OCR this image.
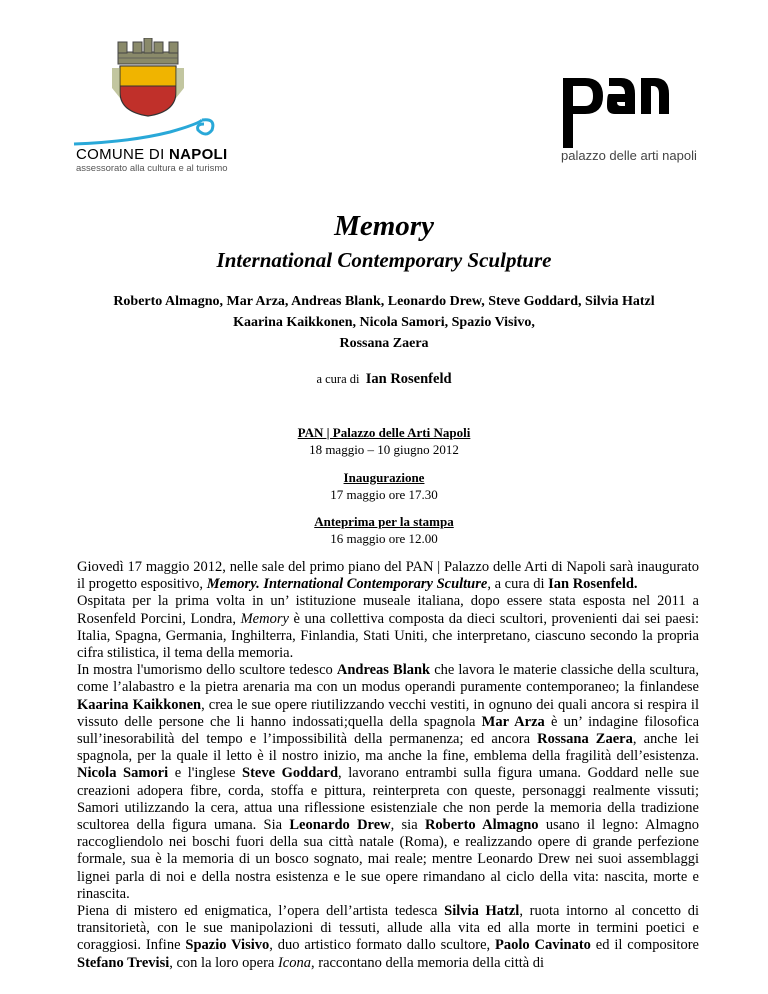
COMUNE DI NAPOLI
assessorato alla cultura e al turismo
palazzo delle arti napoli
Memory
International Contemporary Sculpture
Roberto Almagno, Mar Arza, Andreas Blank, Leonardo Drew, Steve Goddard, Silvia Hatzl
Kaarina Kaikkonen, Nicola Samori, Spazio Visivo,
Rossana Zaera
a cura di Ian Rosenfeld
PAN | Palazzo delle Arti Napoli
18 maggio – 10 giugno 2012
Inaugurazione
17 maggio ore 17.30
Anteprima per la stampa
16 maggio ore 12.00

Giovedì 17 maggio 2012, nelle sale del primo piano del PAN | Palazzo delle Arti di Napoli sarà inaugurato il progetto espositivo, Memory. International Contemporary Sculture, a cura di Ian Rosenfeld.

Ospitata per la prima volta in un’ istituzione museale italiana, dopo essere stata esposta nel 2011 a Rosenfeld Porcini, Londra, Memory è una collettiva composta da dieci scultori, provenienti dai sei paesi: Italia, Spagna, Germania, Inghilterra, Finlandia, Stati Uniti, che interpretano, ciascuno secondo la propria cifra stilistica, il tema della memoria.

In mostra l'umorismo dello scultore tedesco Andreas Blank che lavora le materie classiche della scultura, come l’alabastro e la pietra arenaria ma con un modus operandi puramente contemporaneo; la finlandese Kaarina Kaikkonen, crea le sue opere riutilizzando vecchi vestiti, in ognuno dei quali ancora si respira il vissuto delle persone che li hanno indossati;quella della spagnola Mar Arza è un’ indagine filosofica sull’inesorabilità del tempo e l’impossibilità della permanenza; ed ancora Rossana Zaera, anche lei spagnola, per la quale il letto è il nostro inizio, ma anche la fine, emblema della fragilità dell’esistenza. Nicola Samori e l'inglese Steve Goddard, lavorano entrambi sulla figura umana. Goddard nelle sue creazioni adopera fibre, corda, stoffa e pittura, reinterpreta con queste, personaggi realmente vissuti; Samori utilizzando la cera, attua una riflessione esistenziale che non perde la memoria della tradizione scultorea della figura umana. Sia Leonardo Drew, sia Roberto Almagno usano il legno: Almagno raccogliendolo nei boschi fuori della sua città natale (Roma), e realizzando opere di grande perfezione formale, sua è la memoria di un bosco sognato, mai reale; mentre Leonardo Drew nei suoi assemblaggi lignei parla di noi e della nostra esistenza e le sue opere rimandano al ciclo della vita: nascita, morte e rinascita.

Piena di mistero ed enigmatica, l’opera dell’artista tedesca Silvia Hatzl, ruota intorno al concetto di transitorietà, con le sue manipolazioni di tessuti, allude alla vita ed alla morte in termini poetici e coraggiosi. Infine Spazio Visivo, duo artistico formato dallo scultore, Paolo Cavinato ed il compositore Stefano Trevisi, con la loro opera Icona, raccontano della memoria della città di
